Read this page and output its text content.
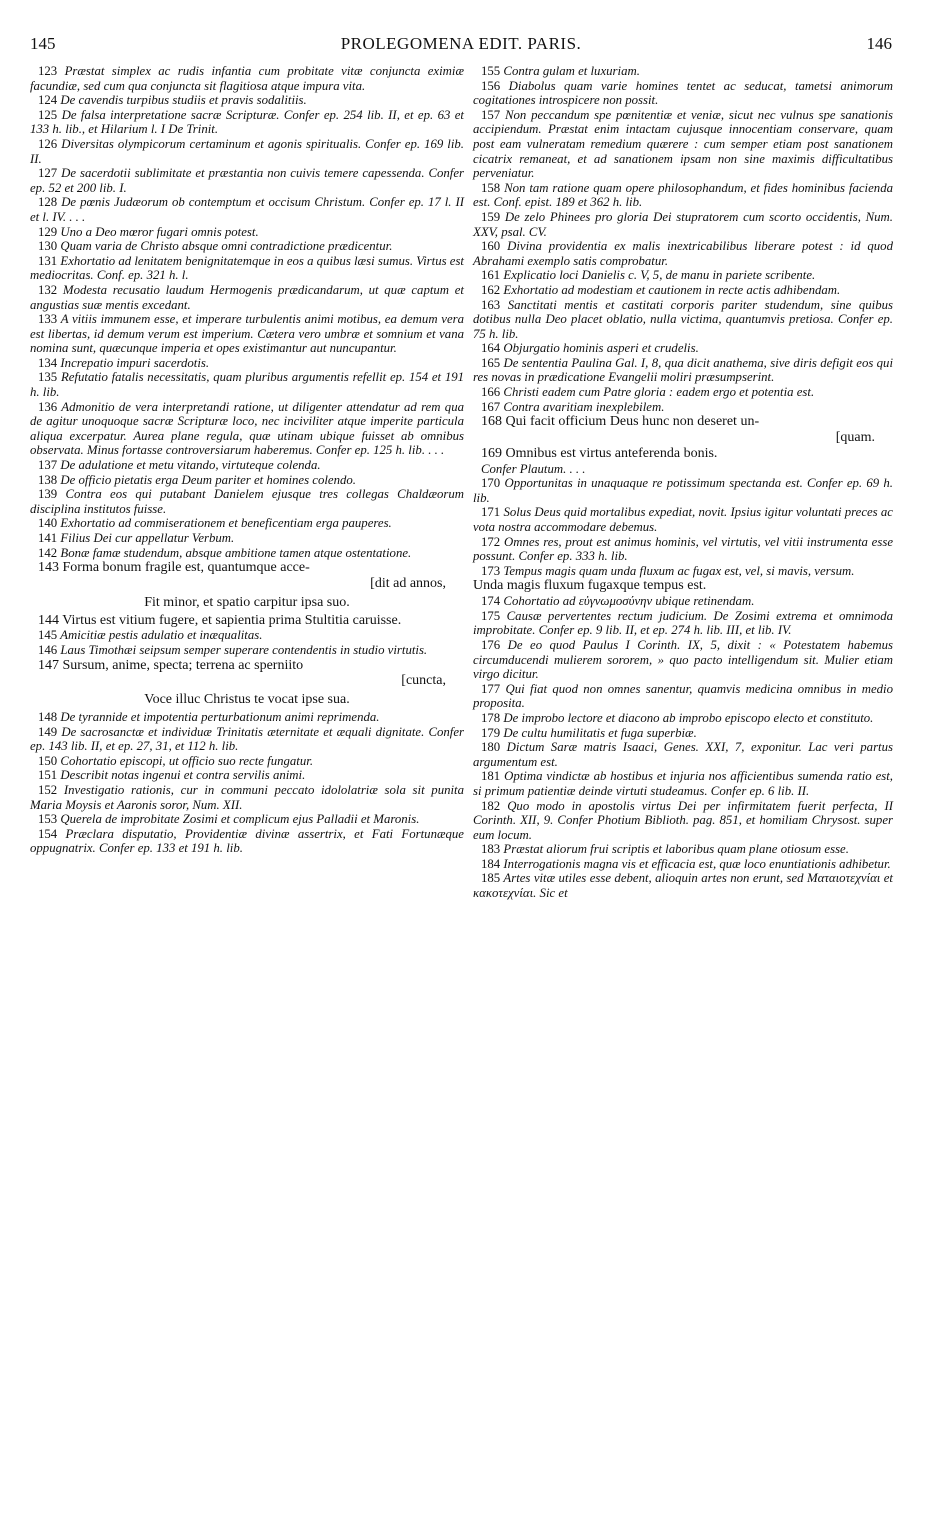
145	PROLEGOMENA EDIT. PARIS.	146

123 Præstat simplex ac rudis infantia cum probitate vitæ conjuncta eximiæ facundiæ, sed cum qua conjuncta sit flagitiosa atque impura vita.

124 De cavendis turpibus studiis et pravis sodalitiis.

125 De falsa interpretatione sacræ Scripturæ. Confer ep. 254 lib. II, et ep. 63 et 133 h. lib., et Hilarium l. I De Trinit.

126 Diversitas olympicorum certaminum et agonis spiritualis. Confer ep. 169 lib. II.

127 De sacerdotii sublimitate et præstantia non cuivis temere capessenda. Confer ep. 52 et 200 lib. I.

128 De pœnis Judæorum ob contemptum et occisum Christum. Confer ep. 17 l. II et l. IV. . . .

129 Uno a Deo mœror fugari omnis potest.

130 Quam varia de Christo absque omni contradictione prædicentur.

131 Exhortatio ad lenitatem benignitatemque in eos a quibus læsi sumus. Virtus est mediocritas. Conf. ep. 321 h. l.

132 Modesta recusatio laudum Hermogenis prædicandarum, ut quæ captum et angustias suæ mentis excedant.

133 A vitiis immunem esse, et imperare turbulentis animi motibus, ea demum vera est libertas, id demum verum est imperium. Cætera vero umbræ et somnium et vana nomina sunt, quæcunque imperia et opes existimantur aut nuncupantur.

134 Increpatio impuri sacerdotis.

135 Refutatio fatalis necessitatis, quam pluribus argumentis refellit ep. 154 et 191 h. lib.

136 Admonitio de vera interpretandi ratione, ut diligenter attendatur ad rem qua de agitur unoquoque sacræ Scripturæ loco, nec inciviliter atque imperite particula aliqua excerpatur. Aurea plane regula, quæ utinam ubique fuisset ab omnibus observata. Minus fortasse controversiarum haberemus. Confer ep. 125 h. lib. . . .

137 De adulatione et metu vitando, virtuteque colenda.

138 De officio pietatis erga Deum pariter et homines colendo.

139 Contra eos qui putabant Danielem ejusque tres collegas Chaldæorum disciplina institutos fuisse.

140 Exhortatio ad commiserationem et beneficentiam erga pauperes.

141 Filius Dei cur appellatur Verbum.

142 Bonæ famæ studendum, absque ambitione tamen atque ostentatione.

143 Forma bonum fragile est, quantumque acce-
[dit ad annos,
Fit minor, et spatio carpitur ipsa suo.

144 Virtus est vitium fugere, et sapientia prima Stultitia caruisse.

145 Amicitiæ pestis adulatio et inæqualitas.

146 Laus Timothæi seipsum semper superare contendentis in studio virtutis.

147 Sursum, anime, specta; terrena ac sperniito
[cuncta,
Voce illuc Christus te vocat ipse sua.

148 De tyrannide et impotentia perturbationum animi reprimenda.

149 De sacrosanctæ et individuæ Trinitatis æternitate et æquali dignitate. Confer ep. 143 lib. II, et ep. 27, 31, et 112 h. lib.

150 Cohortatio episcopi, ut officio suo recte fungatur.

151 Describit notas ingenui et contra servilis animi.

152 Investigatio rationis, cur in communi peccato idololatriæ sola sit punita Maria Moysis et Aaronis soror, Num. XII.

153 Querela de improbitate Zosimi et complicum ejus Palladii et Maronis.

154 Præclara disputatio, Providentiæ divinæ assertrix, et Fati Fortunæque oppugnatrix. Confer ep. 133 et 191 h. lib.

155 Contra gulam et luxuriam.

156 Diabolus quam varie homines tentet ac seducat, tametsi animorum cogitationes introspicere non possit.

157 Non peccandum spe pœnitentiæ et veniæ, sicut nec vulnus spe sanationis accipiendum. Præstat enim intactam cujusque innocentiam conservare, quam post eam vulneratam remedium quærere : cum semper etiam post sanationem cicatrix remaneat, et ad sanationem ipsam non sine maximis difficultatibus perveniatur.

158 Non tam ratione quam opere philosophandum, et fides hominibus facienda est. Conf. epist. 189 et 362 h. lib.

159 De zelo Phinees pro gloria Dei stupratorem cum scorto occidentis, Num. XXV, psal. CV.

160 Divina providentia ex malis inextricabilibus liberare potest : id quod Abrahami exemplo satis comprobatur.

161 Explicatio loci Danielis c. V, 5, de manu in pariete scribente.

162 Exhortatio ad modestiam et cautionem in recte actis adhibendam.

163 Sanctitati mentis et castitati corporis pariter studendum, sine quibus dotibus nulla Deo placet oblatio, nulla victima, quantumvis pretiosa. Confer ep. 75 h. lib.

164 Objurgatio hominis asperi et crudelis.

165 De sententia Paulina Gal. I, 8, qua dicit anathema, sive diris defigit eos qui res novas in prædicatione Evangelii moliri præsumpserint.

166 Christi eadem cum Patre gloria : eadem ergo et potentia est.

167 Contra avaritiam inexplebilem.

168 Qui facit officium Deus hunc non deseret un-
[quam.

169 Omnibus est virtus anteferenda bonis.

Confer Plautum. . . .

170 Opportunitas in unaquaque re potissimum spectanda est. Confer ep. 69 h. lib.

171 Solus Deus quid mortalibus expediat, novit. Ipsius igitur voluntati preces ac vota nostra accommodare debemus.

172 Omnes res, prout est animus hominis, vel virtutis, vel vitii instrumenta esse possunt. Confer ep. 333 h. lib.

173 Tempus magis quam unda fluxum ac fugax est, vel, si mavis, versum.

Unda magis fluxum fugaxque tempus est.

174 Cohortatio ad εὐγνωμοσύνην ubique retinendam.

175 Causæ pervertentes rectum judicium. De Zosimi extrema et omnimoda improbitate. Confer ep. 9 lib. II, et ep. 274 h. lib. III, et lib. IV.

176 De eo quod Paulus I Corinth. IX, 5, dixit : « Potestatem habemus circumducendi mulierem sororem, » quo pacto intelligendum sit. Mulier etiam virgo dicitur.

177 Qui fiat quod non omnes sanentur, quamvis medicina omnibus in medio proposita.

178 De improbo lectore et diacono ab improbo episcopo electo et constituto.

179 De cultu humilitatis et fuga superbiæ.

180 Dictum Saræ matris Isaaci, Genes. XXI, 7, exponitur. Lac veri partus argumentum est.

181 Optima vindictæ ab hostibus et injuria nos afficientibus sumenda ratio est, si primum patientiæ deinde virtuti studeamus. Confer ep. 6 lib. II.

182 Quo modo in apostolis virtus Dei per infirmitatem fuerit perfecta, II Corinth. XII, 9. Confer Photium Biblioth. pag. 851, et homiliam Chrysost. super eum locum.

183 Præstat aliorum frui scriptis et laboribus quam plane otiosum esse.

184 Interrogationis magna vis et efficacia est, quæ loco enuntiationis adhibetur.

185 Artes vitæ utiles esse debent, alioquin artes non erunt, sed Ματαιοτεχνίαι et κακοτεχνίαι. Sic et
